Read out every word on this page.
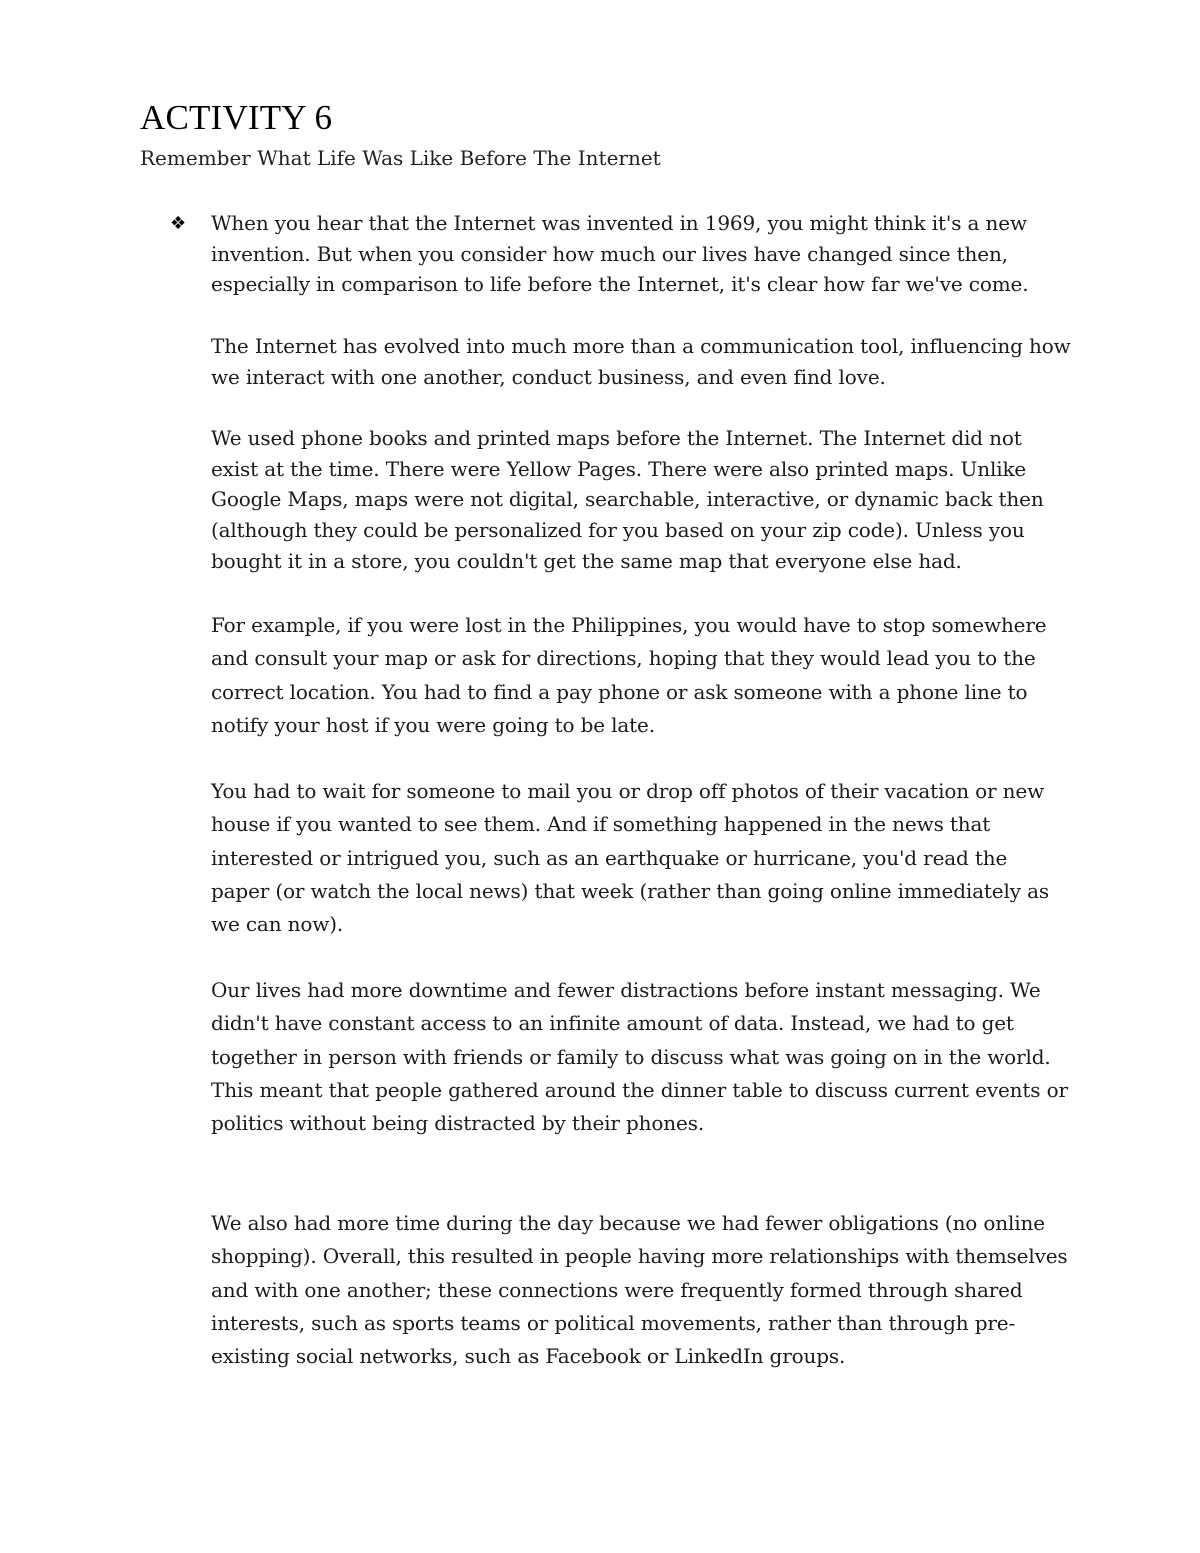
ACTIVITY 6
Remember What Life Was Like Before The Internet
❖	When you hear that the Internet was invented in 1969, you might think it's a new invention. But when you consider how much our lives have changed since then, especially in comparison to life before the Internet, it's clear how far we've come.

The Internet has evolved into much more than a communication tool, influencing how we interact with one another, conduct business, and even find love.

We used phone books and printed maps before the Internet. The Internet did not exist at the time. There were Yellow Pages. There were also printed maps. Unlike Google Maps, maps were not digital, searchable, interactive, or dynamic back then (although they could be personalized for you based on your zip code). Unless you bought it in a store, you couldn't get the same map that everyone else had.

For example, if you were lost in the Philippines, you would have to stop somewhere and consult your map or ask for directions, hoping that they would lead you to the correct location. You had to find a pay phone or ask someone with a phone line to notify your host if you were going to be late.

You had to wait for someone to mail you or drop off photos of their vacation or new house if you wanted to see them. And if something happened in the news that interested or intrigued you, such as an earthquake or hurricane, you'd read the paper (or watch the local news) that week (rather than going online immediately as we can now).

Our lives had more downtime and fewer distractions before instant messaging. We didn't have constant access to an infinite amount of data. Instead, we had to get together in person with friends or family to discuss what was going on in the world. This meant that people gathered around the dinner table to discuss current events or politics without being distracted by their phones.

We also had more time during the day because we had fewer obligations (no online shopping). Overall, this resulted in people having more relationships with themselves and with one another; these connections were frequently formed through shared interests, such as sports teams or political movements, rather than through pre-existing social networks, such as Facebook or LinkedIn groups.
